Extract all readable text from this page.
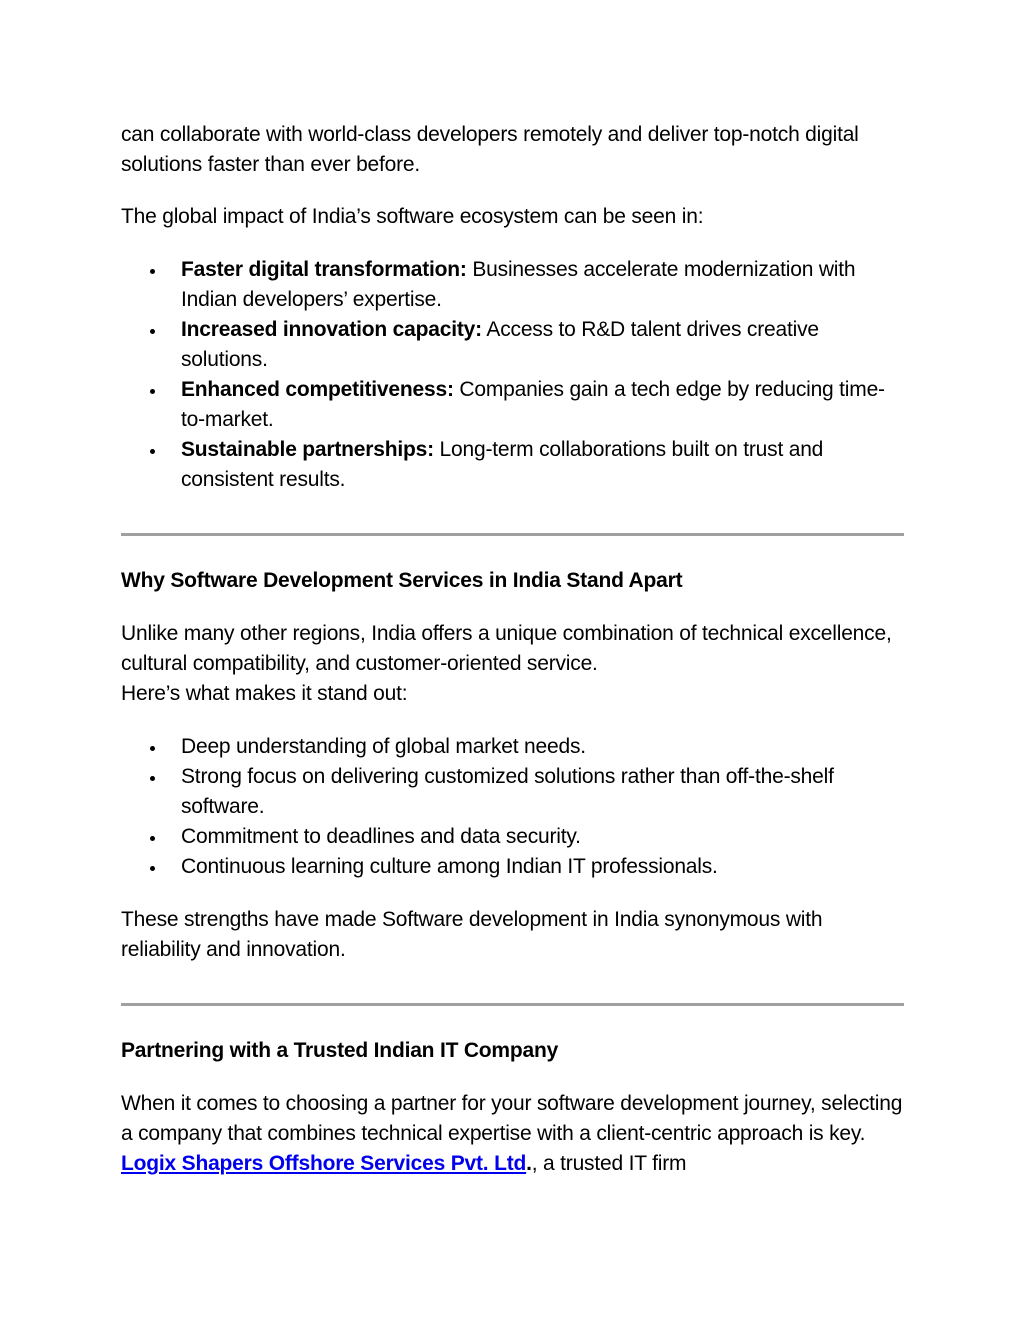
can collaborate with world-class developers remotely and deliver top-notch digital solutions faster than ever before.

The global impact of India’s software ecosystem can be seen in:

Faster digital transformation: Businesses accelerate modernization with Indian developers’ expertise.
Increased innovation capacity: Access to R&D talent drives creative solutions.
Enhanced competitiveness: Companies gain a tech edge by reducing time-to-market.
Sustainable partnerships: Long-term collaborations built on trust and consistent results.
Why Software Development Services in India Stand Apart

Unlike many other regions, India offers a unique combination of technical excellence, cultural compatibility, and customer-oriented service.
Here’s what makes it stand out:

Deep understanding of global market needs.
Strong focus on delivering customized solutions rather than off-the-shelf software.
Commitment to deadlines and data security.
Continuous learning culture among Indian IT professionals.

These strengths have made Software development in India synonymous with reliability and innovation.

Partnering with a Trusted Indian IT Company

When it comes to choosing a partner for your software development journey, selecting a company that combines technical expertise with a client-centric approach is key. Logix Shapers Offshore Services Pvt. Ltd., a trusted IT firm
